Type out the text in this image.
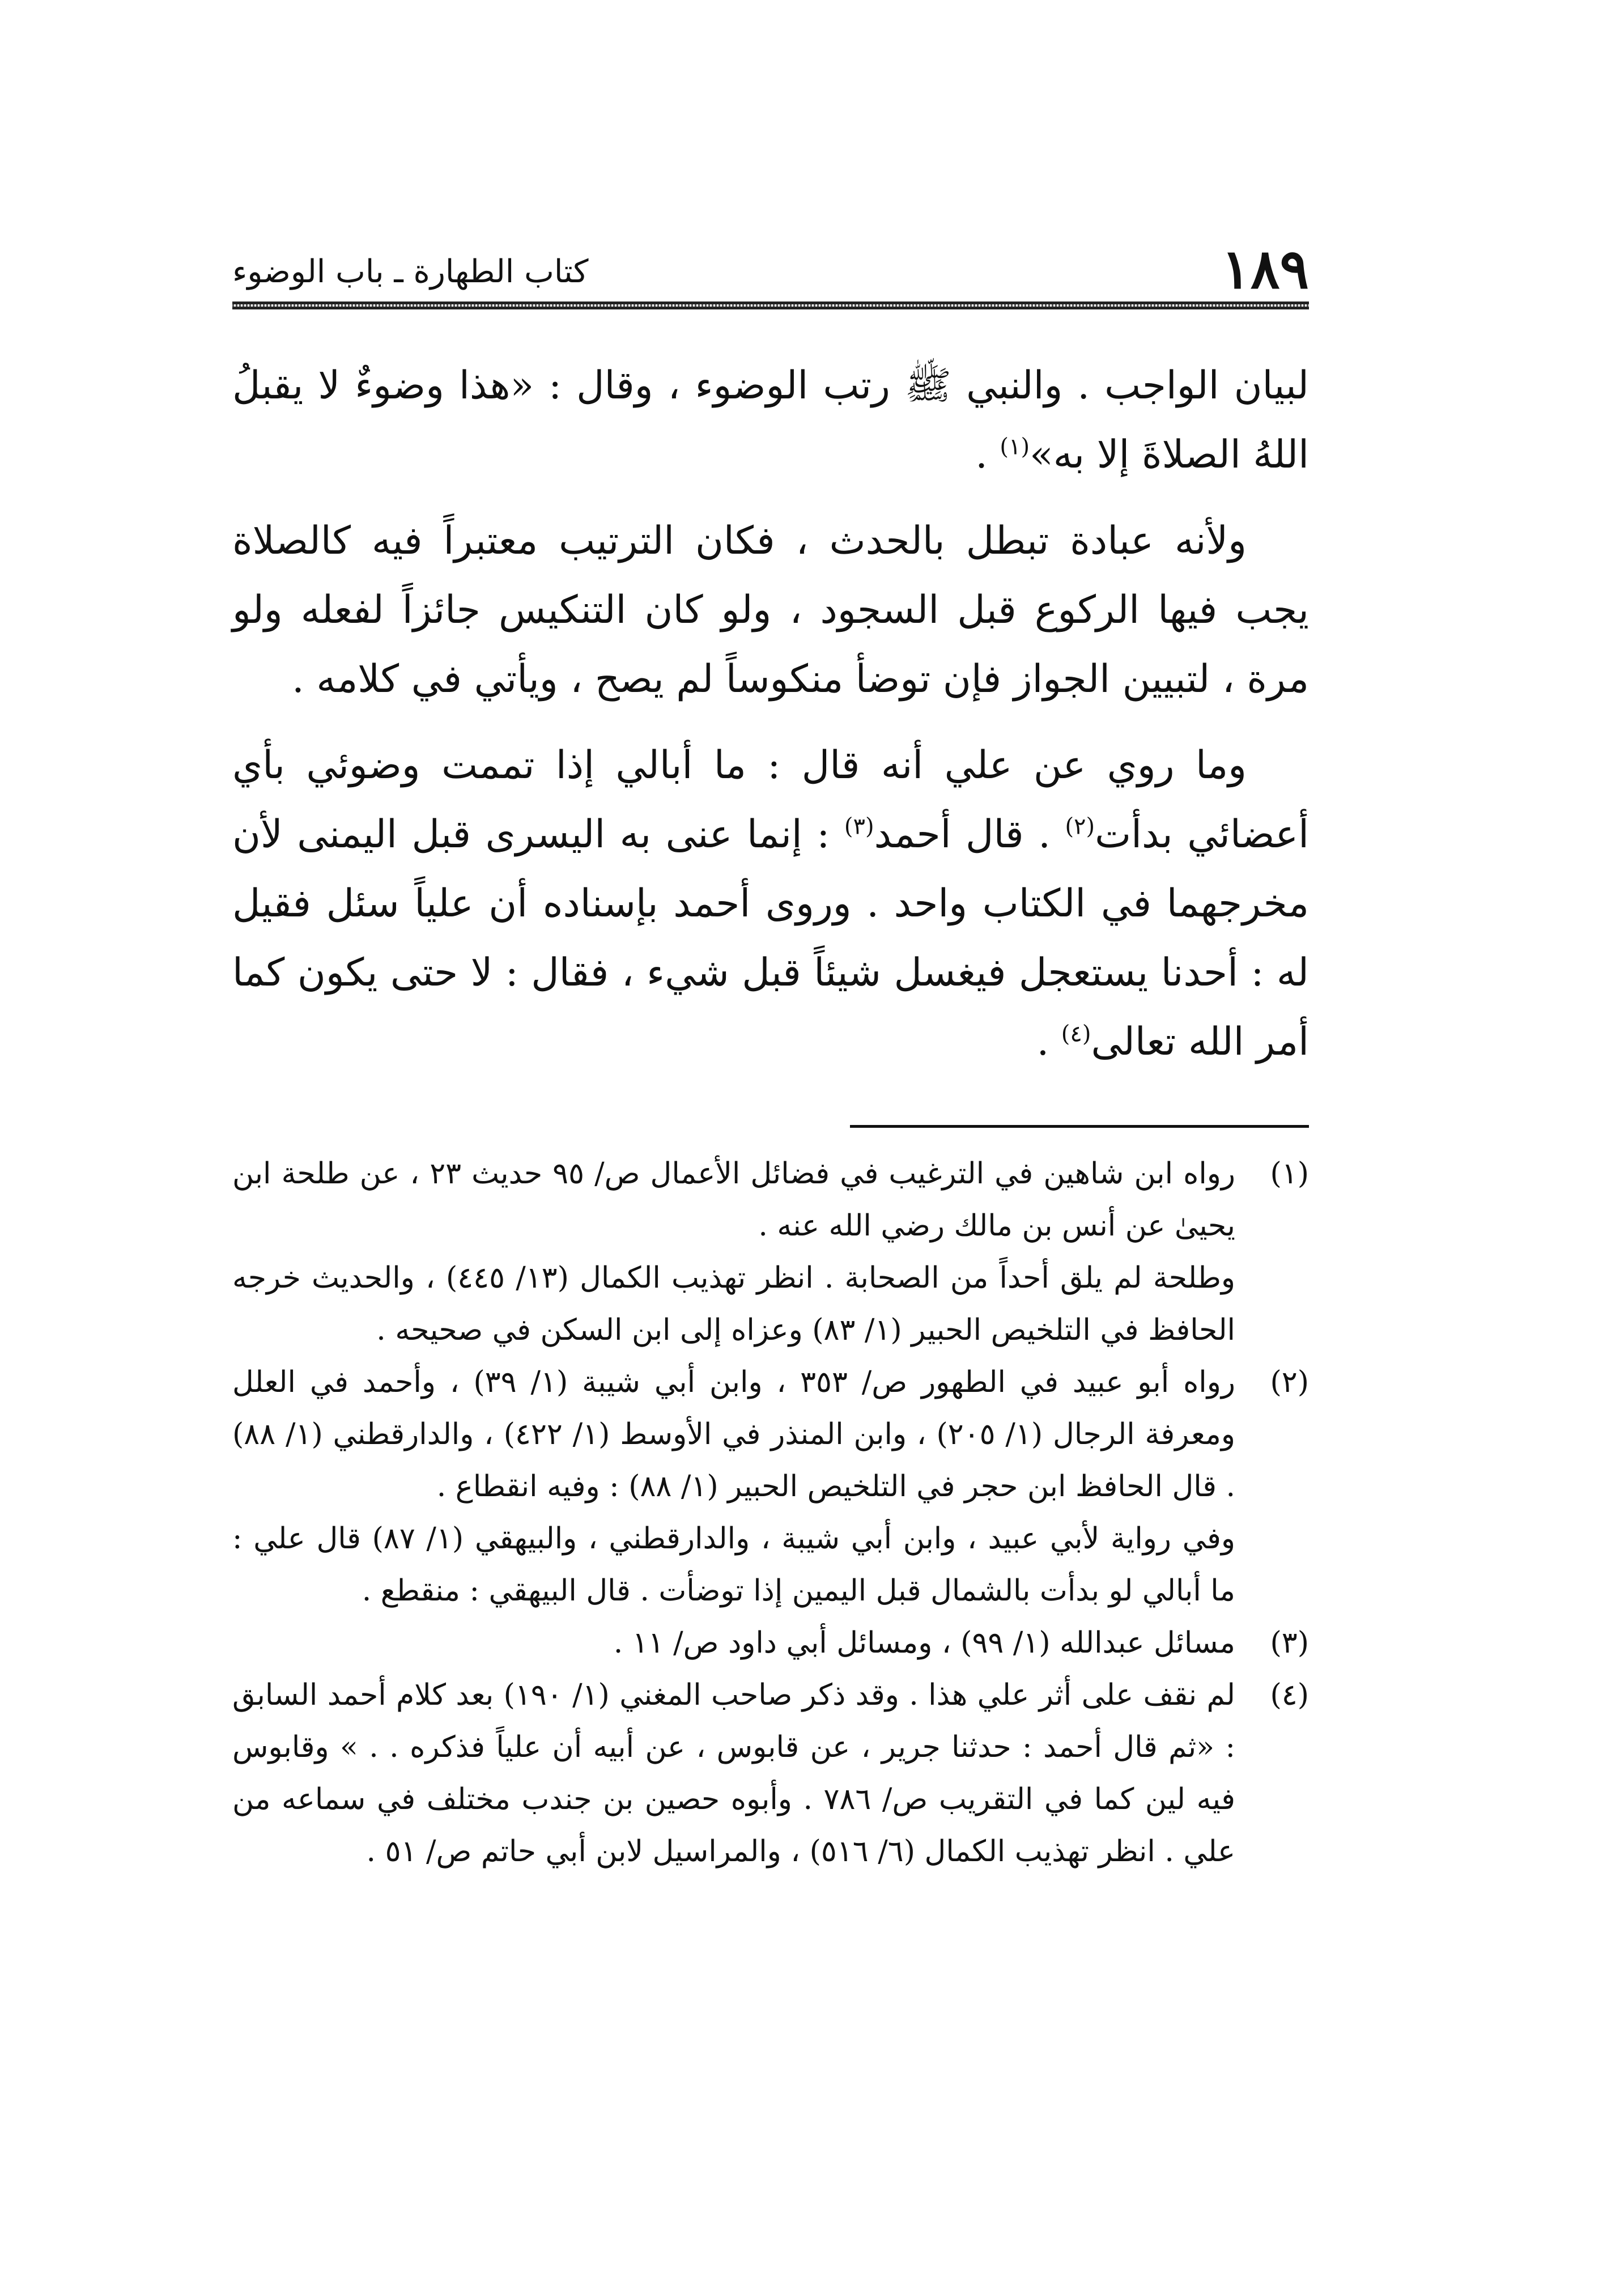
١٨٩
كتاب الطهارة ـ باب الوضوء

لبيان الواجب . والنبي ﷺ رتب الوضوء ، وقال : «هذا وضوءٌ لا يقبلُ اللهُ الصلاةَ إلا به»$^{(١)}$ .

ولأنه عبادة تبطل بالحدث ، فكان الترتيب معتبراً فيه كالصلاة يجب فيها الركوع قبل السجود ، ولو كان التنكيس جائزاً لفعله ولو مرة ، لتبيين الجواز فإن توضأ منكوساً لم يصح ، ويأتي في كلامه .

وما روي عن علي أنه قال : ما أبالي إذا تممت وضوئي بأي أعضائي بدأت$^{(٢)}$ . قال أحمد$^{(٣)}$ : إنما عنى به اليسرى قبل اليمنى لأن مخرجهما في الكتاب واحد . وروى أحمد بإسناده أن علياً سئل فقيل له : أحدنا يستعجل فيغسل شيئاً قبل شيء ، فقال : لا حتى يكون كما أمر الله تعالى$^{(٤)}$ .

(١)

رواه ابن شاهين في الترغيب في فضائل الأعمال ص/ ٩٥ حديث ٢٣ ، عن طلحة ابن يحيىٰ عن أنس بن مالك رضي الله عنه .

وطلحة لم يلق أحداً من الصحابة . انظر تهذيب الكمال (١٣/ ٤٤٥) ، والحديث خرجه الحافظ في التلخيص الحبير (١/ ٨٣) وعزاه إلى ابن السكن في صحيحه .

(٢)

رواه أبو عبيد في الطهور ص/ ٣٥٣ ، وابن أبي شيبة (١/ ٣٩) ، وأحمد في العلل ومعرفة الرجال (١/ ٢٠٥) ، وابن المنذر في الأوسط (١/ ٤٢٢) ، والدارقطني (١/ ٨٨) . قال الحافظ ابن حجر في التلخيص الحبير (١/ ٨٨) : وفيه انقطاع .

وفي رواية لأبي عبيد ، وابن أبي شيبة ، والدارقطني ، والبيهقي (١/ ٨٧) قال علي : ما أبالي لو بدأت بالشمال قبل اليمين إذا توضأت . قال البيهقي : منقطع .

(٣)

مسائل عبدالله (١/ ٩٩) ، ومسائل أبي داود ص/ ١١ .

(٤)

لم نقف على أثر علي هذا . وقد ذكر صاحب المغني (١/ ١٩٠) بعد كلام أحمد السابق : «ثم قال أحمد : حدثنا جرير ، عن قابوس ، عن أبيه أن علياً فذكره . . » وقابوس فيه لين كما في التقريب ص/ ٧٨٦ . وأبوه حصين بن جندب مختلف في سماعه من علي . انظر تهذيب الكمال (٦/ ٥١٦) ، والمراسيل لابن أبي حاتم ص/ ٥١ .
